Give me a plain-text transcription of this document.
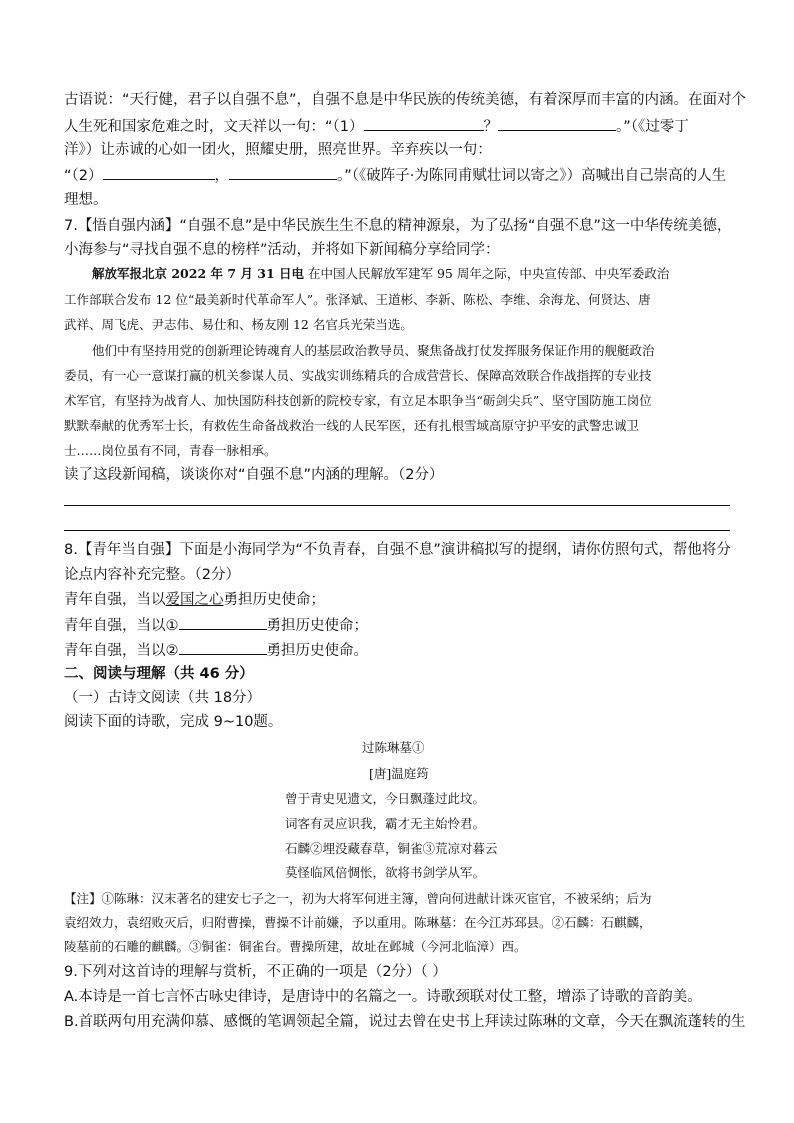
古语说：“天行健，君子以自强不息”，自强不息是中华民族的传统美德，有着深厚而丰富的内涵。在面对个
人生死和国家危难之时，文天祥以一句：“（1）	？	。”（《过零丁
洋》）让赤诚的心如一团火，照耀史册，照亮世界。辛弃疾以一句：
“（2）	，	。”（《破阵子·为陈同甫赋壮词以寄之》）高喊出自己崇高的人生
理想。
7.【悟自强内涵】“自强不息”是中华民族生生不息的精神源泉，为了弘扬“自强不息”这一中华传统美德，
小海参与“寻找自强不息的榜样”活动，并将如下新闻稿分享给同学：
解放军报北京 2022 年 7 月 31 日电 在中国人民解放军建军 95 周年之际，中央宣传部、中央军委政治
工作部联合发布 12 位“最美新时代革命军人”。张泽斌、王道彬、李新、陈松、李维、余海龙、何贤达、唐
武祥、周飞虎、尹志伟、易仕和、杨友刚 12 名官兵光荣当选。
他们中有坚持用党的创新理论铸魂育人的基层政治教导员、聚焦备战打仗发挥服务保证作用的舰艇政治
委员，有一心一意谋打赢的机关参谋人员、实战实训练精兵的合成营营长、保障高效联合作战指挥的专业技
术军官，有坚持为战育人、加快国防科技创新的院校专家，有立足本职争当“砺剑尖兵”、坚守国防施工岗位
默默奉献的优秀军士长，有救佐生命备战救治一线的人民军医，还有扎根雪域高原守护平安的武警忠诚卫
士……岗位虽有不同，青春一脉相承。
读了这段新闻稿，谈谈你对“自强不息”内涵的理解。（2分）
8.【青年当自强】下面是小海同学为“不负青春，自强不息”演讲稿拟写的提纲，请你仿照句式，帮他将分
论点内容补充完整。（2分）
青年自强，当以爱国之心勇担历史使命；
青年自强，当以①	勇担历史使命；
青年自强，当以②	勇担历史使命。
二、阅读与理解（共 46 分）
（一）古诗文阅读（共 18分）
阅读下面的诗歌，完成 9~10题。
过陈琳墓①
[唐]温庭筠
曾于青史见遗文，今日飘蓬过此坟。
词客有灵应识我，霸才无主始怜君。
石麟②埋没藏春草，铜雀③荒凉对暮云
莫怪临风倍惆怅，欲将书剑学从军。
【注】①陈琳：汉末著名的建安七子之一，初为大将军何进主簿，曾向何进献计诛灭宦官，不被采纳；后为
袁绍效力，袁绍败灭后，归附曹操，曹操不计前嫌，予以重用。陈琳墓：在今江苏邳县。②石麟：石麒麟，
陵墓前的石雕的麒麟。③铜雀：铜雀台。曹操所建，故址在邺城（今河北临漳）西。
9.下列对这首诗的理解与赏析，不正确的一项是（2分）（ ）
A.本诗是一首七言怀古咏史律诗，是唐诗中的名篇之一。诗歌颈联对仗工整，增添了诗歌的音韵美。
B.首联两句用充满仰慕、感慨的笔调领起全篇，说过去曾在史书上拜读过陈琳的文章，今天在飘流蓬转的生
